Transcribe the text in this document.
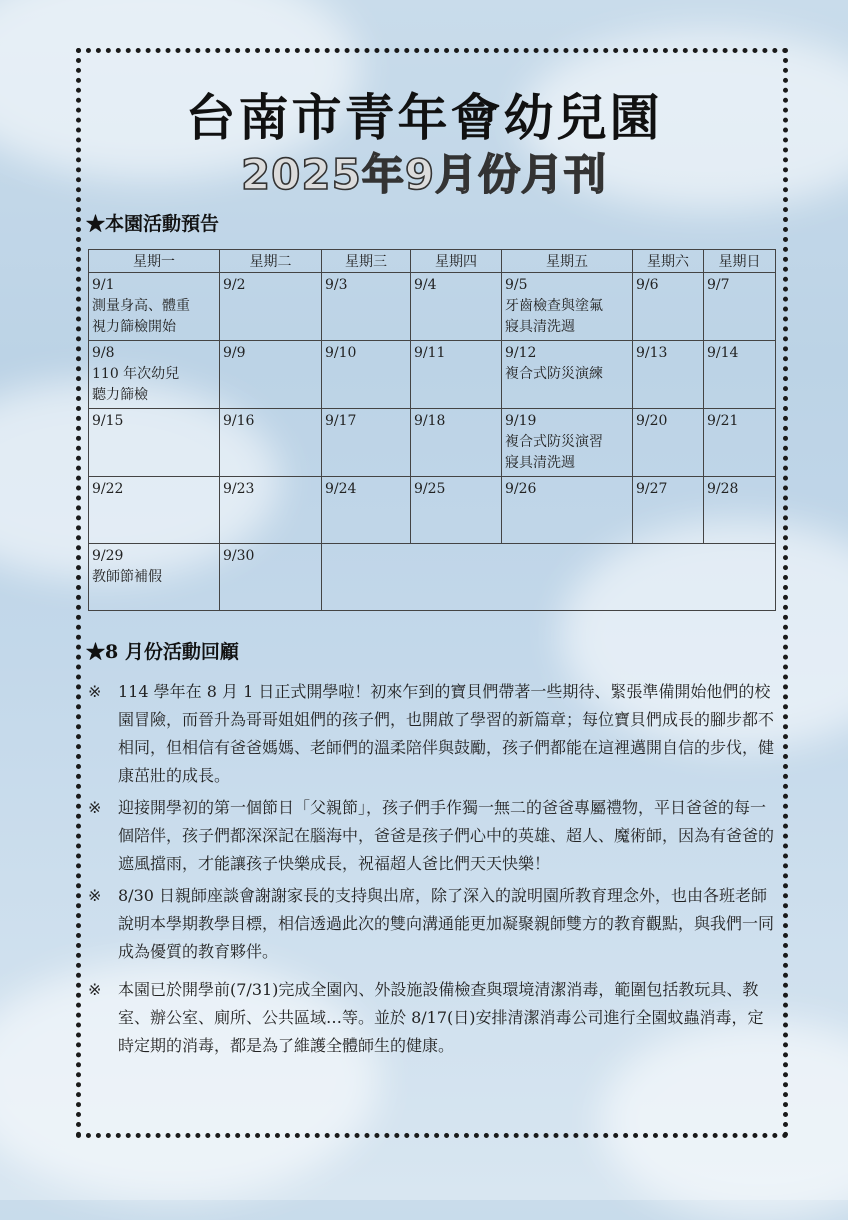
台南市青年會幼兒園
2025年9月份月刊
★本園活動預告
星期一	星期二	星期三	星期四	星期五	星期六	星期日

9/1
測量身高、體重
視力篩檢開始	9/2	9/3	9/4	9/5
牙齒檢查與塗氟
寢具清洗週	9/6	9/7

9/8
110 年次幼兒
聽力篩檢	9/9	9/10	9/11	9/12
複合式防災演練	9/13	9/14

9/15	9/16	9/17	9/18	9/19
複合式防災演習
寢具清洗週	9/20	9/21

9/22	9/23	9/24	9/25	9/26	9/27	9/28

9/29
教師節補假	9/30					

★8 月份活動回顧
※ 114 學年在 8 月 1 日正式開學啦！初來乍到的寶貝們帶著一些期待、緊張準備開始他們的校園冒險，而晉升為哥哥姐姐們的孩子們，也開啟了學習的新篇章；每位寶貝們成長的腳步都不相同，但相信有爸爸媽媽、老師們的溫柔陪伴與鼓勵，孩子們都能在這裡邁開自信的步伐，健康茁壯的成長。
※ 迎接開學初的第一個節日「父親節」，孩子們手作獨一無二的爸爸專屬禮物，平日爸爸的每一個陪伴，孩子們都深深記在腦海中，爸爸是孩子們心中的英雄、超人、魔術師，因為有爸爸的遮風擋雨，才能讓孩子快樂成長，祝福超人爸比們天天快樂！
※ 8/30 日親師座談會謝謝家長的支持與出席，除了深入的說明園所教育理念外，也由各班老師說明本學期教學目標，相信透過此次的雙向溝通能更加凝聚親師雙方的教育觀點，與我們一同成為優質的教育夥伴。
※ 本園已於開學前(7/31)完成全園內、外設施設備檢查與環境清潔消毒，範圍包括教玩具、教室、辦公室、廁所、公共區域…等。並於 8/17(日)安排清潔消毒公司進行全園蚊蟲消毒，定時定期的消毒，都是為了維護全體師生的健康。
